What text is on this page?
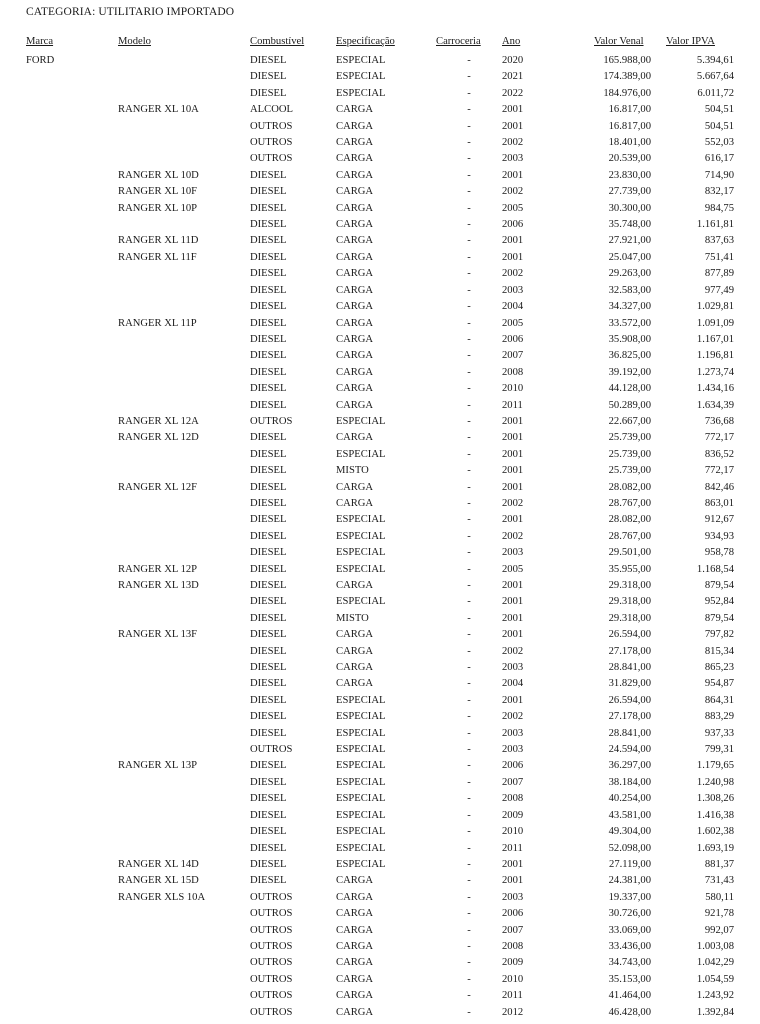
CATEGORIA: UTILITARIO IMPORTADO
Marca	Modelo	Combustível	Especificação	Carroceria	Ano	Valor Venal	Valor IPVA	
FORD		DIESEL	ESPECIAL	-	2020	165.988,00	5.394,61	
		DIESEL	ESPECIAL	-	2021	174.389,00	5.667,64	
		DIESEL	ESPECIAL	-	2022	184.976,00	6.011,72	
	RANGER XL 10A	ALCOOL	CARGA	-	2001	16.817,00	504,51	
		OUTROS	CARGA	-	2001	16.817,00	504,51	
		OUTROS	CARGA	-	2002	18.401,00	552,03	
		OUTROS	CARGA	-	2003	20.539,00	616,17	
	RANGER XL 10D	DIESEL	CARGA	-	2001	23.830,00	714,90	
	RANGER XL 10F	DIESEL	CARGA	-	2002	27.739,00	832,17	
	RANGER XL 10P	DIESEL	CARGA	-	2005	30.300,00	984,75	
		DIESEL	CARGA	-	2006	35.748,00	1.161,81	
	RANGER XL 11D	DIESEL	CARGA	-	2001	27.921,00	837,63	
	RANGER XL 11F	DIESEL	CARGA	-	2001	25.047,00	751,41	
		DIESEL	CARGA	-	2002	29.263,00	877,89	
		DIESEL	CARGA	-	2003	32.583,00	977,49	
		DIESEL	CARGA	-	2004	34.327,00	1.029,81	
	RANGER XL 11P	DIESEL	CARGA	-	2005	33.572,00	1.091,09	
		DIESEL	CARGA	-	2006	35.908,00	1.167,01	
		DIESEL	CARGA	-	2007	36.825,00	1.196,81	
		DIESEL	CARGA	-	2008	39.192,00	1.273,74	
		DIESEL	CARGA	-	2010	44.128,00	1.434,16	
		DIESEL	CARGA	-	2011	50.289,00	1.634,39	
	RANGER XL 12A	OUTROS	ESPECIAL	-	2001	22.667,00	736,68	
	RANGER XL 12D	DIESEL	CARGA	-	2001	25.739,00	772,17	
		DIESEL	ESPECIAL	-	2001	25.739,00	836,52	
		DIESEL	MISTO	-	2001	25.739,00	772,17	
	RANGER XL 12F	DIESEL	CARGA	-	2001	28.082,00	842,46	
		DIESEL	CARGA	-	2002	28.767,00	863,01	
		DIESEL	ESPECIAL	-	2001	28.082,00	912,67	
		DIESEL	ESPECIAL	-	2002	28.767,00	934,93	
		DIESEL	ESPECIAL	-	2003	29.501,00	958,78	
	RANGER XL 12P	DIESEL	ESPECIAL	-	2005	35.955,00	1.168,54	
	RANGER XL 13D	DIESEL	CARGA	-	2001	29.318,00	879,54	
		DIESEL	ESPECIAL	-	2001	29.318,00	952,84	
		DIESEL	MISTO	-	2001	29.318,00	879,54	
	RANGER XL 13F	DIESEL	CARGA	-	2001	26.594,00	797,82	
		DIESEL	CARGA	-	2002	27.178,00	815,34	
		DIESEL	CARGA	-	2003	28.841,00	865,23	
		DIESEL	CARGA	-	2004	31.829,00	954,87	
		DIESEL	ESPECIAL	-	2001	26.594,00	864,31	
		DIESEL	ESPECIAL	-	2002	27.178,00	883,29	
		DIESEL	ESPECIAL	-	2003	28.841,00	937,33	
		OUTROS	ESPECIAL	-	2003	24.594,00	799,31	
	RANGER XL 13P	DIESEL	ESPECIAL	-	2006	36.297,00	1.179,65	
		DIESEL	ESPECIAL	-	2007	38.184,00	1.240,98	
		DIESEL	ESPECIAL	-	2008	40.254,00	1.308,26	
		DIESEL	ESPECIAL	-	2009	43.581,00	1.416,38	
		DIESEL	ESPECIAL	-	2010	49.304,00	1.602,38	
		DIESEL	ESPECIAL	-	2011	52.098,00	1.693,19	
	RANGER XL 14D	DIESEL	ESPECIAL	-	2001	27.119,00	881,37	
	RANGER XL 15D	DIESEL	CARGA	-	2001	24.381,00	731,43	
	RANGER XLS 10A	OUTROS	CARGA	-	2003	19.337,00	580,11	
		OUTROS	CARGA	-	2006	30.726,00	921,78	
		OUTROS	CARGA	-	2007	33.069,00	992,07	
		OUTROS	CARGA	-	2008	33.436,00	1.003,08	
		OUTROS	CARGA	-	2009	34.743,00	1.042,29	
		OUTROS	CARGA	-	2010	35.153,00	1.054,59	
		OUTROS	CARGA	-	2011	41.464,00	1.243,92	
		OUTROS	CARGA	-	2012	46.428,00	1.392,84	
